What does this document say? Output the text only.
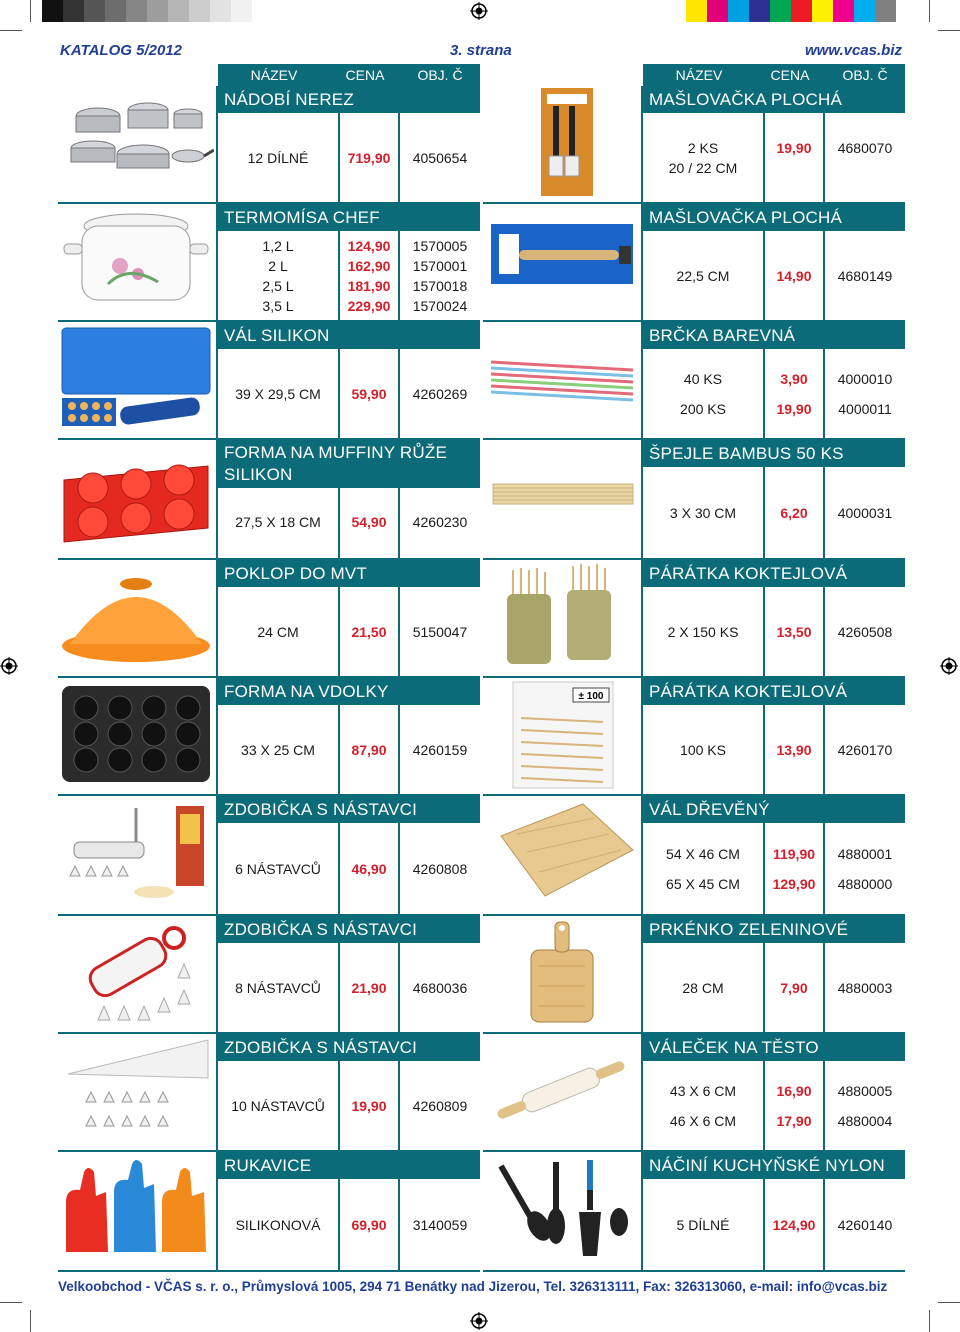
KATALOG 5/2012	3. strana	www.vcas.biz
NÁZEV	CENA	OBJ. Č	NÁZEV	CENA	OBJ. Č
NÁDOBÍ NEREZ
12 DÍLNÉ	719,90	4050654
TERMOMÍSA CHEF
1,2 L	124,90	1570005
2 L	162,90	1570001
2,5 L	181,90	1570018
3,5 L	229,90	1570024
VÁL SILIKON
39 X 29,5 CM	59,90	4260269
FORMA NA MUFFINY RŮŽE SILIKON
27,5 X 18 CM	54,90	4260230
POKLOP DO MVT
24 CM	21,50	5150047
FORMA NA VDOLKY
33 X 25 CM	87,90	4260159
ZDOBIČKA S NÁSTAVCI
6 NÁSTAVCŮ	46,90	4260808
ZDOBIČKA S NÁSTAVCI
8 NÁSTAVCŮ	21,90	4680036
ZDOBIČKA S NÁSTAVCI
10 NÁSTAVCŮ	19,90	4260809
RUKAVICE
SILIKONOVÁ	69,90	3140059
MAŠLOVAČKA PLOCHÁ
2 KS	19,90	4680070
20 / 22 CM
MAŠLOVAČKA PLOCHÁ
22,5 CM	14,90	4680149
BRČKA BAREVNÁ
40 KS	3,90	4000010
200 KS	19,90	4000011
ŠPEJLE BAMBUS 50 KS
3 X 30 CM	6,20	4000031
PÁRÁTKA KOKTEJLOVÁ
2 X 150 KS	13,50	4260508
± 100	PÁRÁTKA KOKTEJLOVÁ
100 KS	13,90	4260170
VÁL DŘEVĚNÝ
54 X 46 CM	119,90	4880001
65 X 45 CM	129,90	4880000
PRKÉNKO ZELENINOVÉ
28 CM	7,90	4880003
VÁLEČEK NA TĚSTO
43 X 6 CM	16,90	4880005
46 X 6 CM	17,90	4880004
NÁČINÍ KUCHYŇSKÉ NYLON
5 DÍLNÉ	124,90	4260140
Velkoobchod - VČAS s. r. o., Průmyslová 1005, 294 71 Benátky nad Jizerou, Tel. 326313111, Fax: 326313060, e-mail: info@vcas.biz
